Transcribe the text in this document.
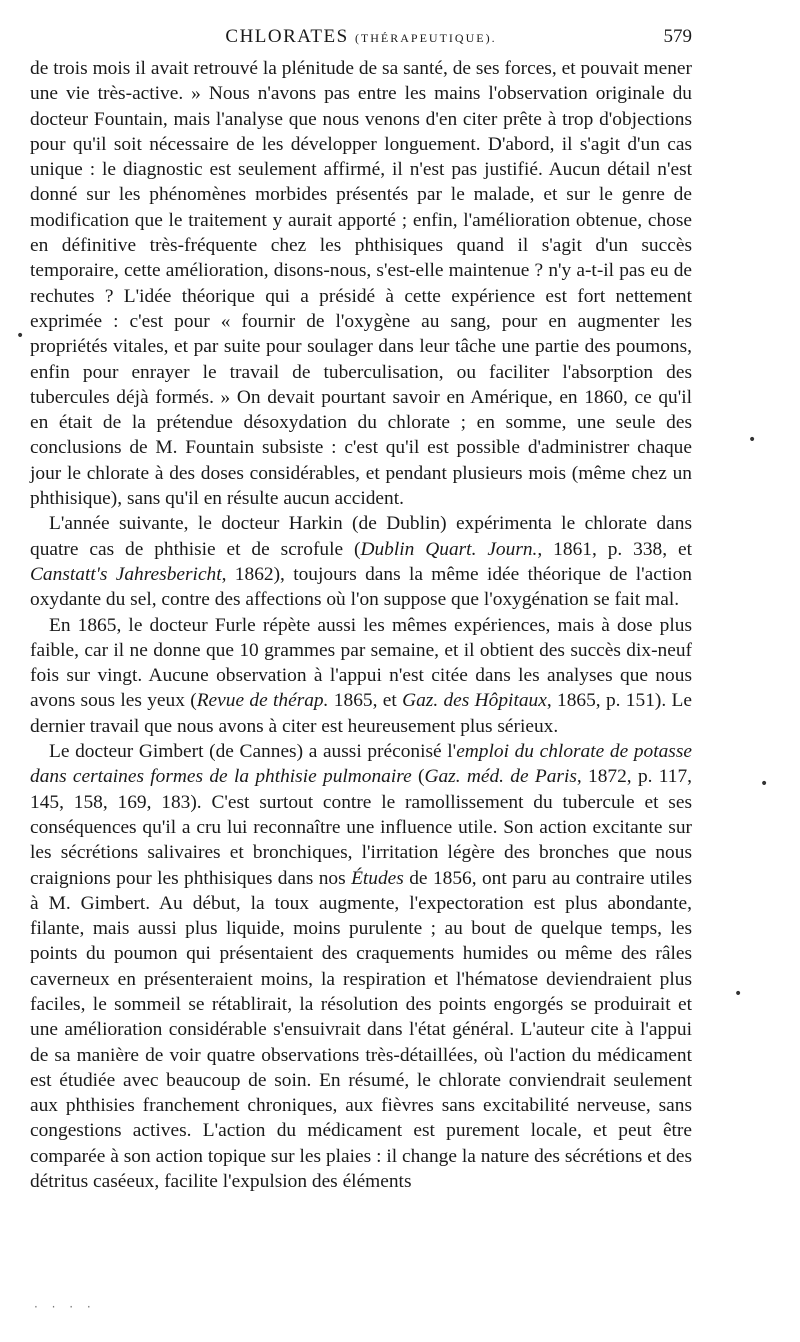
CHLORATES (THÉRAPEUTIQUE).	579

de trois mois il avait retrouvé la plénitude de sa santé, de ses forces, et pouvait mener une vie très-active. » Nous n'avons pas entre les mains l'observation originale du docteur Fountain, mais l'analyse que nous venons d'en citer prête à trop d'objections pour qu'il soit nécessaire de les développer longuement. D'abord, il s'agit d'un cas unique : le diagnostic est seulement affirmé, il n'est pas justifié. Aucun détail n'est donné sur les phénomènes morbides présentés par le malade, et sur le genre de modification que le traitement y aurait apporté ; enfin, l'amélioration obtenue, chose en définitive très-fréquente chez les phthisiques quand il s'agit d'un succès temporaire, cette amélioration, disons-nous, s'est-elle maintenue ? n'y a-t-il pas eu de rechutes ? L'idée théorique qui a présidé à cette expérience est fort nettement exprimée : c'est pour « fournir de l'oxygène au sang, pour en augmenter les propriétés vitales, et par suite pour soulager dans leur tâche une partie des poumons, enfin pour enrayer le travail de tuberculisation, ou faciliter l'absorption des tubercules déjà formés. » On devait pourtant savoir en Amérique, en 1860, ce qu'il en était de la prétendue désoxydation du chlorate ; en somme, une seule des conclusions de M. Fountain subsiste : c'est qu'il est possible d'administrer chaque jour le chlorate à des doses considérables, et pendant plusieurs mois (même chez un phthisique), sans qu'il en résulte aucun accident.

L'année suivante, le docteur Harkin (de Dublin) expérimenta le chlorate dans quatre cas de phthisie et de scrofule (Dublin Quart. Journ., 1861, p. 338, et Canstatt's Jahresbericht, 1862), toujours dans la même idée théorique de l'action oxydante du sel, contre des affections où l'on suppose que l'oxygénation se fait mal.

En 1865, le docteur Furle répète aussi les mêmes expériences, mais à dose plus faible, car il ne donne que 10 grammes par semaine, et il obtient des succès dix-neuf fois sur vingt. Aucune observation à l'appui n'est citée dans les analyses que nous avons sous les yeux (Revue de thérap. 1865, et Gaz. des Hôpitaux, 1865, p. 151). Le dernier travail que nous avons à citer est heureusement plus sérieux.

Le docteur Gimbert (de Cannes) a aussi préconisé l'emploi du chlorate de potasse dans certaines formes de la phthisie pulmonaire (Gaz. méd. de Paris, 1872, p. 117, 145, 158, 169, 183). C'est surtout contre le ramollissement du tubercule et ses conséquences qu'il a cru lui reconnaître une influence utile. Son action excitante sur les sécrétions salivaires et bronchiques, l'irritation légère des bronches que nous craignions pour les phthisiques dans nos Études de 1856, ont paru au contraire utiles à M. Gimbert. Au début, la toux augmente, l'expectoration est plus abondante, filante, mais aussi plus liquide, moins purulente ; au bout de quelque temps, les points du poumon qui présentaient des craquements humides ou même des râles caverneux en présenteraient moins, la respiration et l'hématose deviendraient plus faciles, le sommeil se rétablirait, la résolution des points engorgés se produirait et une amélioration considérable s'ensuivrait dans l'état général. L'auteur cite à l'appui de sa manière de voir quatre observations très-détaillées, où l'action du médicament est étudiée avec beaucoup de soin. En résumé, le chlorate conviendrait seulement aux phthisies franchement chroniques, aux fièvres sans excitabilité nerveuse, sans congestions actives. L'action du médicament est purement locale, et peut être comparée à son action topique sur les plaies : il change la nature des sécrétions et des détritus caséeux, facilite l'expulsion des éléments

•
•
•
•
· · · ·
